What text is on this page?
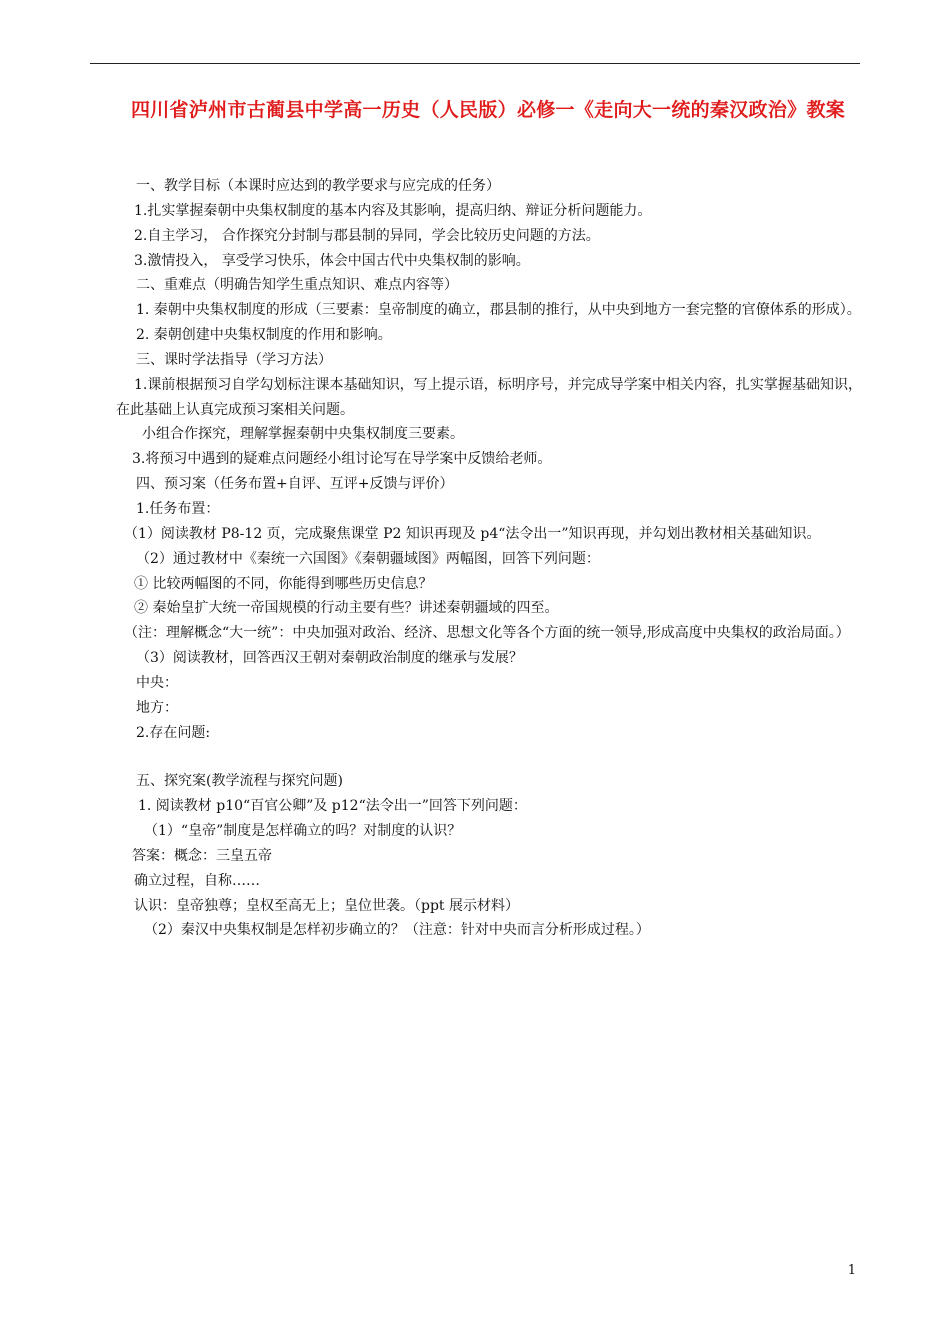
四川省泸州市古蔺县中学高一历史（人民版）必修一《走向大一统的秦汉政治》教案
一、教学目标（本课时应达到的教学要求与应完成的任务）
1.扎实掌握秦朝中央集权制度的基本内容及其影响，提高归纳、辩证分析问题能力。
2.自主学习， 合作探究分封制与郡县制的异同，学会比较历史问题的方法。
3.激情投入， 享受学习快乐，体会中国古代中央集权制的影响。
二、重难点（明确告知学生重点知识、难点内容等）
1. 秦朝中央集权制度的形成（三要素：皇帝制度的确立，郡县制的推行，从中央到地方一套完整的官僚体系的形成）。
2. 秦朝创建中央集权制度的作用和影响。
三、课时学法指导（学习方法）
1.课前根据预习自学勾划标注课本基础知识，写上提示语，标明序号，并完成导学案中相关内容，扎实掌握基础知识，在此基础上认真完成预习案相关问题。
小组合作探究，理解掌握秦朝中央集权制度三要素。
3.将预习中遇到的疑难点问题经小组讨论写在导学案中反馈给老师。
四、预习案（任务布置+自评、互评+反馈与评价）
1.任务布置：
（1）阅读教材 P8-12 页，完成聚焦课堂 P2 知识再现及 p4“法令出一”知识再现，并勾划出教材相关基础知识。
（2）通过教材中《秦统一六国图》《秦朝疆域图》两幅图，回答下列问题：
① 比较两幅图的不同，你能得到哪些历史信息？
② 秦始皇扩大统一帝国规模的行动主要有些？讲述秦朝疆域的四至。
（注：理解概念“大一统”：中央加强对政治、经济、思想文化等各个方面的统一领导,形成高度中央集权的政治局面。）
（3）阅读教材，回答西汉王朝对秦朝政治制度的继承与发展？
中央：
地方：
2.存在问题:
五、探究案(教学流程与探究问题)
1. 阅读教材 p10“百官公卿”及 p12“法令出一”回答下列问题：
（1）“皇帝”制度是怎样确立的吗？对制度的认识？
答案：概念：三皇五帝
确立过程，自称……
认识：皇帝独尊；皇权至高无上；皇位世袭。（ppt 展示材料）
（2）秦汉中央集权制是怎样初步确立的？（注意：针对中央而言分析形成过程。）
1
